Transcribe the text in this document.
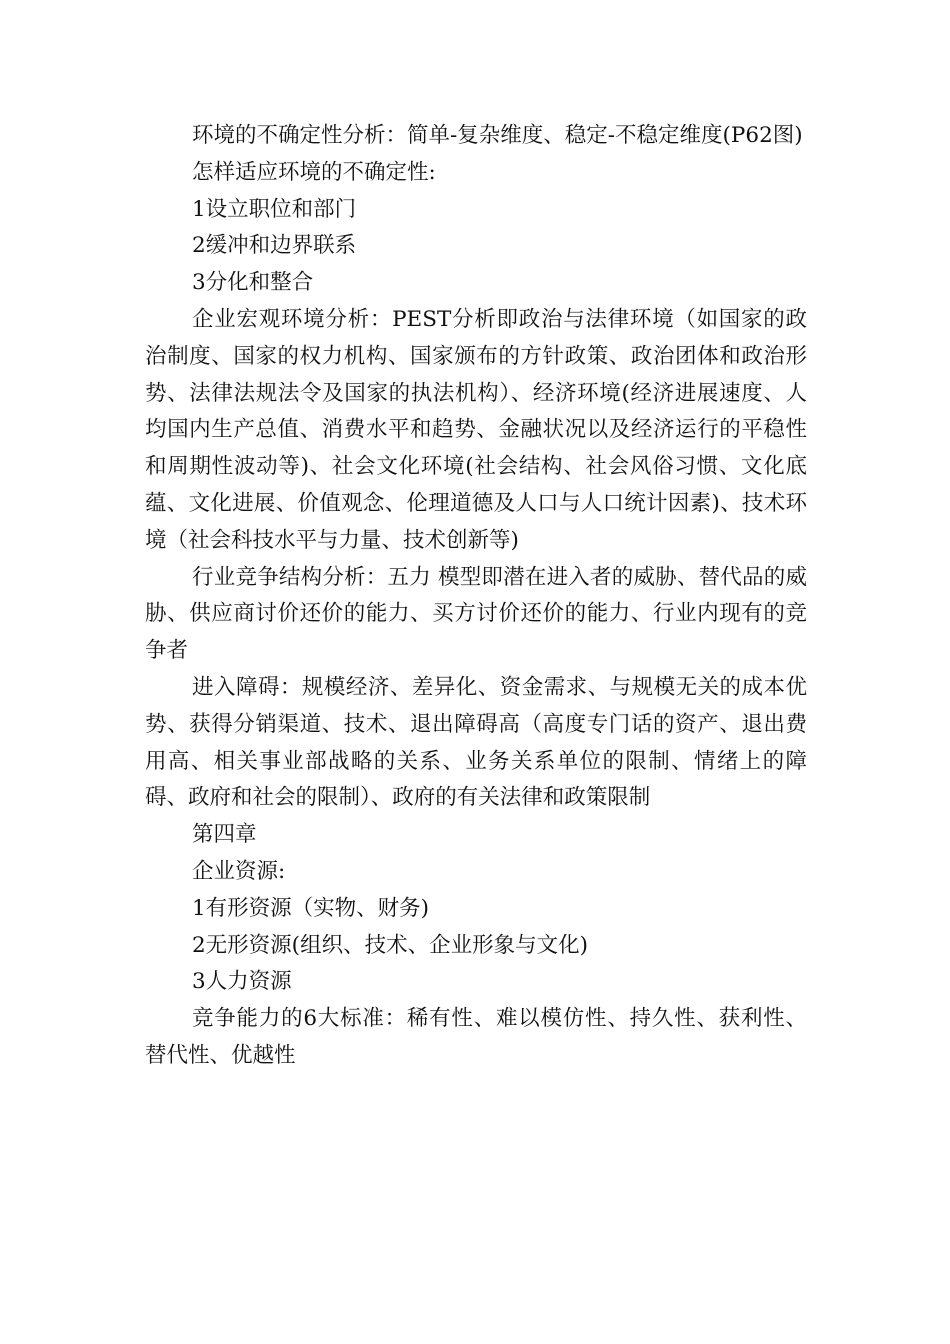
环境的不确定性分析：简单-复杂维度、稳定-不稳定维度(P62图)

怎样适应环境的不确定性:

1设立职位和部门

2缓冲和边界联系

3分化和整合

企业宏观环境分析：PEST分析即政治与法律环境（如国家的政治制度、国家的权力机构、国家颁布的方针政策、政治团体和政治形势、法律法规法令及国家的执法机构）、经济环境(经济进展速度、人均国内生产总值、消费水平和趋势、金融状况以及经济运行的平稳性和周期性波动等)、社会文化环境(社会结构、社会风俗习惯、文化底蕴、文化进展、价值观念、伦理道德及人口与人口统计因素)、技术环境（社会科技水平与力量、技术创新等)

行业竞争结构分析：五力 模型即潜在进入者的威胁、替代品的威胁、供应商讨价还价的能力、买方讨价还价的能力、行业内现有的竞争者

进入障碍：规模经济、差异化、资金需求、与规模无关的成本优势、获得分销渠道、技术、退出障碍高（高度专门话的资产、退出费用高、相关事业部战略的关系、业务关系单位的限制、情绪上的障碍、政府和社会的限制）、政府的有关法律和政策限制

第四章

企业资源:

1有形资源（实物、财务)

2无形资源(组织、技术、企业形象与文化)

3人力资源

竞争能力的6大标准：稀有性、难以模仿性、持久性、获利性、替代性、优越性
